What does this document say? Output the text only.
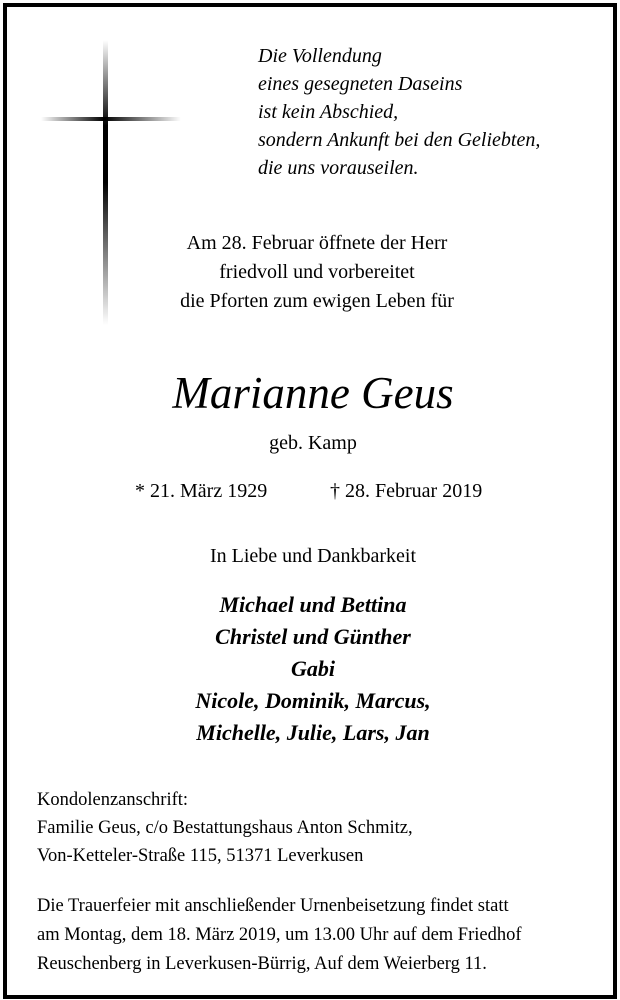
Die Vollendung
eines gesegneten Daseins
ist kein Abschied,
sondern Ankunft bei den Geliebten,
die uns vorauseilen.
Am 28. Februar öffnete der Herr
friedvoll und vorbereitet
die Pforten zum ewigen Leben für
Marianne Geus
geb. Kamp
* 21. März 1929	† 28. Februar 2019
In Liebe und Dankbarkeit
Michael und Bettina
Christel und Günther
Gabi
Nicole, Dominik, Marcus,
Michelle, Julie, Lars, Jan
Kondolenzanschrift:
Familie Geus, c/o Bestattungshaus Anton Schmitz,
Von-Ketteler-Straße 115, 51371 Leverkusen
Die Trauerfeier mit anschließender Urnenbeisetzung findet statt
am Montag, dem 18. März 2019, um 13.00 Uhr auf dem Friedhof
Reuschenberg in Leverkusen-Bürrig, Auf dem Weierberg 11.
